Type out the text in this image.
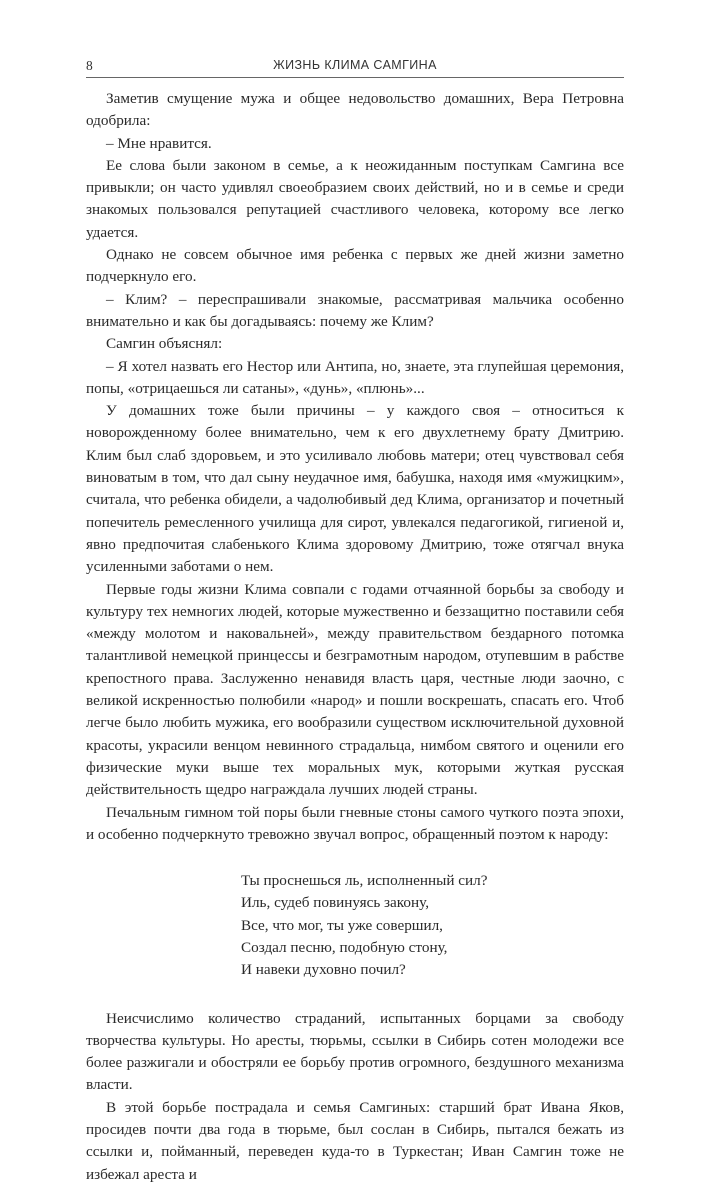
8	ЖИЗНЬ КЛИМА САМГИНА

Заметив смущение мужа и общее недовольство домашних, Вера Петровна одобрила:

– Мне нравится.

Ее слова были законом в семье, а к неожиданным поступкам Самгина все привыкли; он часто удивлял своеобразием своих действий, но и в семье и среди знакомых пользовался репутацией счастливого человека, которому все легко удается.

Однако не совсем обычное имя ребенка с первых же дней жизни заметно подчеркнуло его.

– Клим? – переспрашивали знакомые, рассматривая мальчика особенно внимательно и как бы догадываясь: почему же Клим?

Самгин объяснял:

– Я хотел назвать его Нестор или Антипа, но, знаете, эта глупейшая церемония, попы, «отрицаешься ли сатаны», «дунь», «плюнь»...

У домашних тоже были причины – у каждого своя – относиться к новорожденному более внимательно, чем к его двухлетнему брату Дмитрию. Клим был слаб здоровьем, и это усиливало любовь матери; отец чувствовал себя виноватым в том, что дал сыну неудачное имя, бабушка, находя имя «мужицким», считала, что ребенка обидели, а чадолюбивый дед Клима, организатор и почетный попечитель ремесленного училища для сирот, увлекался педагогикой, гигиеной и, явно предпочитая слабенького Клима здоровому Дмитрию, тоже отягчал внука усиленными заботами о нем.

Первые годы жизни Клима совпали с годами отчаянной борьбы за свободу и культуру тех немногих людей, которые мужественно и беззащитно поставили себя «между молотом и наковальней», между правительством бездарного потомка талантливой немецкой принцессы и безграмотным народом, отупевшим в рабстве крепостного права. Заслуженно ненавидя власть царя, честные люди заочно, с великой искренностью полюбили «народ» и пошли воскрешать, спасать его. Чтоб легче было любить мужика, его вообразили существом исключительной духовной красоты, украсили венцом невинного страдальца, нимбом святого и оценили его физические муки выше тех моральных мук, которыми жуткая русская действительность щедро награждала лучших людей страны.

Печальным гимном той поры были гневные стоны самого чуткого поэта эпохи, и особенно подчеркнуто тревожно звучал вопрос, обращенный поэтом к народу:

Ты проснешься ль, исполненный сил?
Иль, судеб повинуясь закону,
Все, что мог, ты уже совершил,
Создал песню, подобную стону,
И навеки духовно почил?

Неисчислимо количество страданий, испытанных борцами за свободу творчества культуры. Но аресты, тюрьмы, ссылки в Сибирь сотен молодежи все более разжигали и обостряли ее борьбу против огромного, бездушного механизма власти.

В этой борьбе пострадала и семья Самгиных: старший брат Ивана Яков, просидев почти два года в тюрьме, был сослан в Сибирь, пытался бежать из ссылки и, пойманный, переведен куда-то в Туркестан; Иван Самгин тоже не избежал ареста и
